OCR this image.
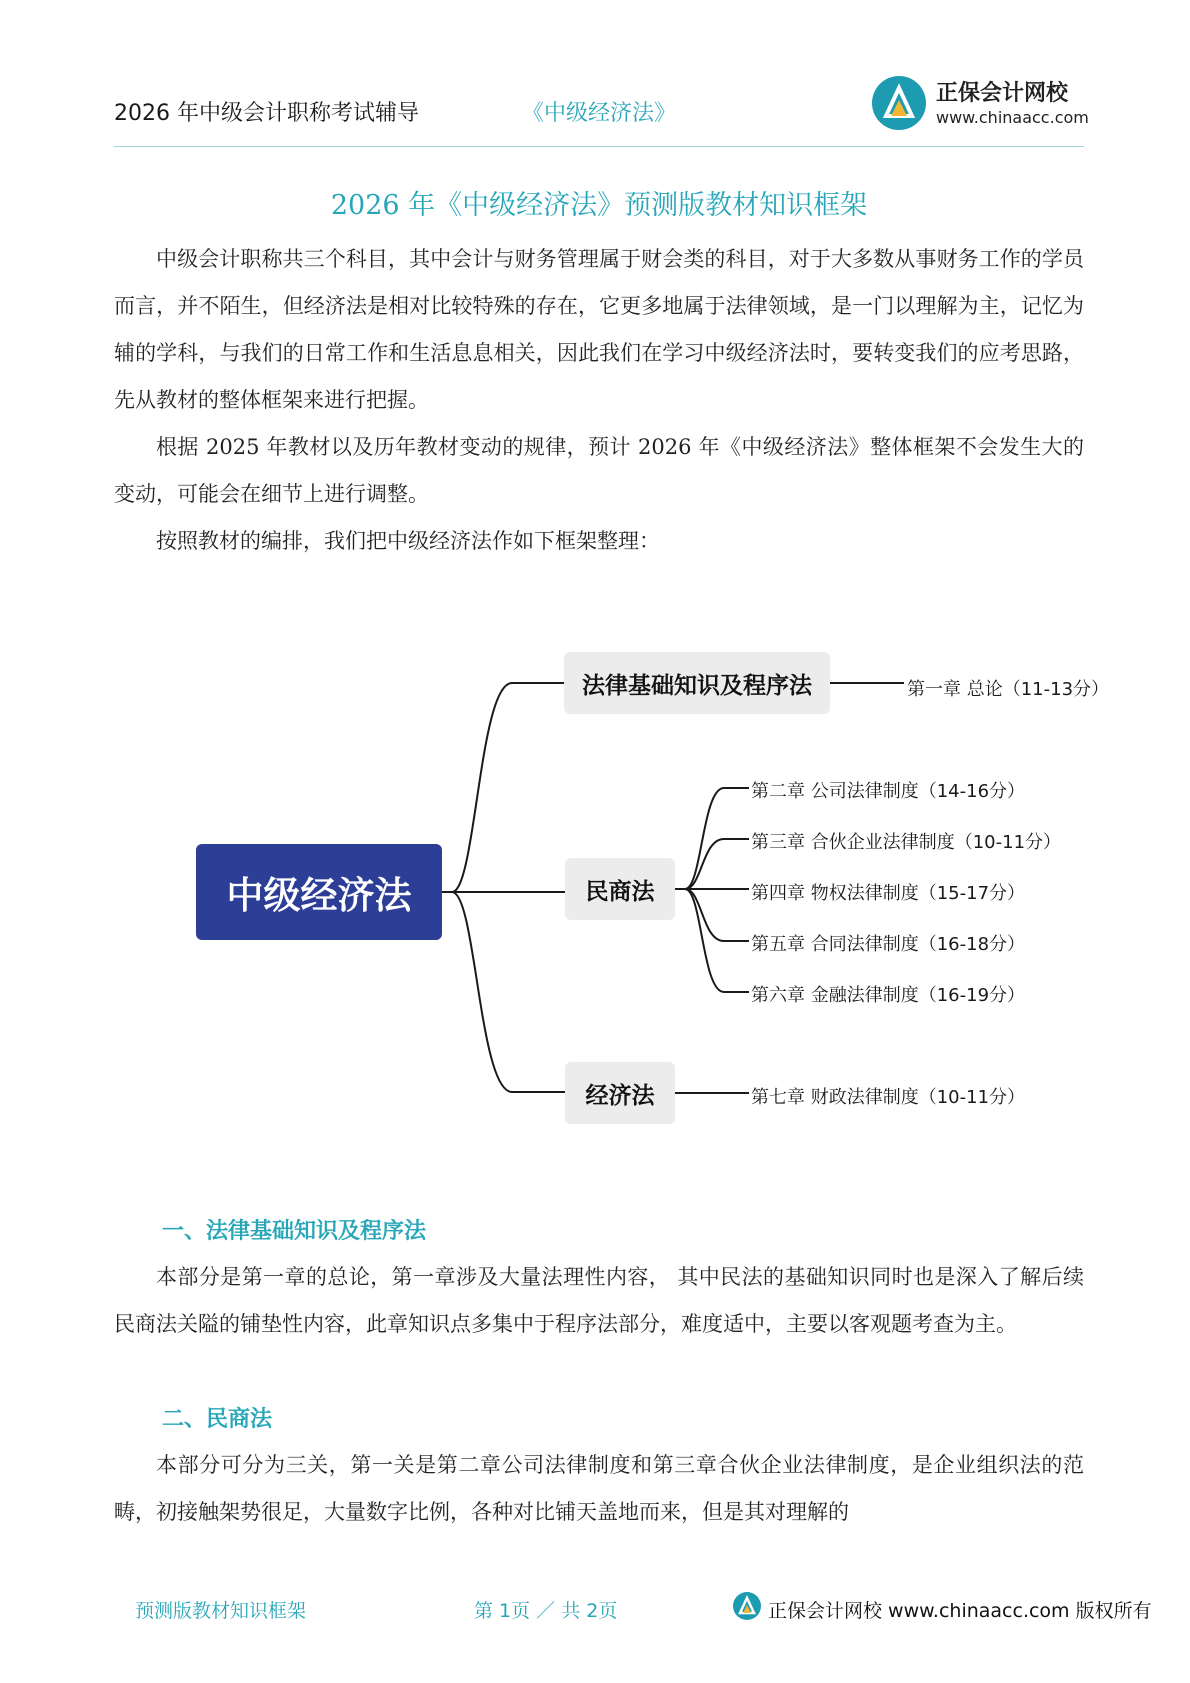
2026 年中级会计职称考试辅导	《中级经济法》
正保会计网校
www.chinaacc.com
2026 年《中级经济法》预测版教材知识框架

中级会计职称共三个科目，其中会计与财务管理属于财会类的科目，对于大多数从事财务工作的学员而言，并不陌生，但经济法是相对比较特殊的存在，它更多地属于法律领域，是一门以理解为主，记忆为辅的学科，与我们的日常工作和生活息息相关，因此我们在学习中级经济法时，要转变我们的应考思路，先从教材的整体框架来进行把握。

根据 2025 年教材以及历年教材变动的规律，预计 2026 年《中级经济法》整体框架不会发生大的变动，可能会在细节上进行调整。

按照教材的编排，我们把中级经济法作如下框架整理：

中级经济法
法律基础知识及程序法
民商法
经济法
第一章 总论（11-13分）
第二章 公司法律制度（14-16分）
第三章 合伙企业法律制度（10-11分）
第四章 物权法律制度（15-17分）
第五章 合同法律制度（16-18分）
第六章 金融法律制度（16-19分）
第七章 财政法律制度（10-11分）
一、法律基础知识及程序法

本部分是第一章的总论，第一章涉及大量法理性内容， 其中民法的基础知识同时也是深入了解后续民商法关隘的铺垫性内容，此章知识点多集中于程序法部分，难度适中，主要以客观题考查为主。

二、民商法

本部分可分为三关，第一关是第二章公司法律制度和第三章合伙企业法律制度，是企业组织法的范畴，初接触架势很足，大量数字比例，各种对比铺天盖地而来，但是其对理解的

预测版教材知识框架	第 1页 ／ 共 2页	正保会计网校 www.chinaacc.com 版权所有
